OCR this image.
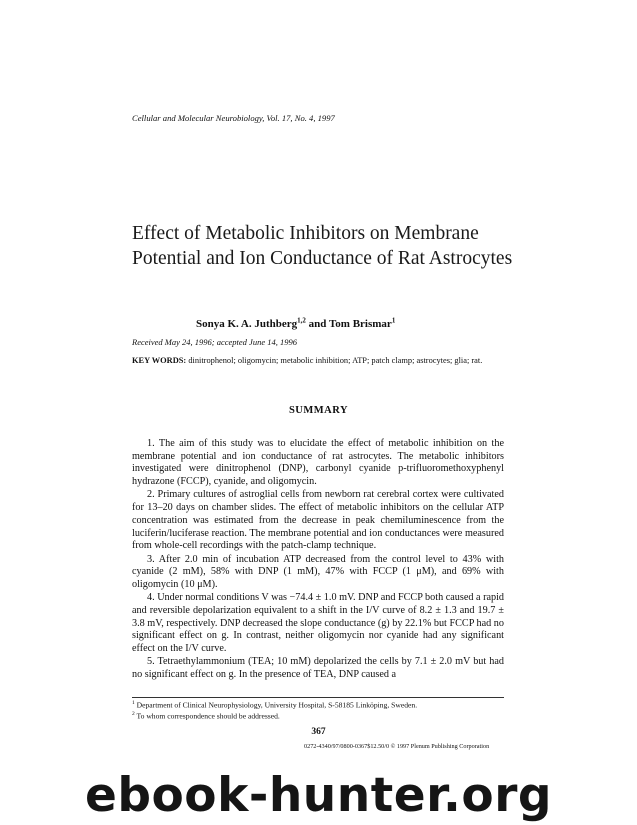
Cellular and Molecular Neurobiology, Vol. 17, No. 4, 1997
Effect of Metabolic Inhibitors on Membrane Potential and Ion Conductance of Rat Astrocytes
Sonya K. A. Juthberg$^{1,2}$ and Tom Brismar$^1$
Received May 24, 1996; accepted June 14, 1996
KEY WORDS: dinitrophenol; oligomycin; metabolic inhibition; ATP; patch clamp; astrocytes; glia; rat.
SUMMARY

1. The aim of this study was to elucidate the effect of metabolic inhibition on the membrane potential and ion conductance of rat astrocytes. The metabolic inhibitors investigated were dinitrophenol (DNP), carbonyl cyanide p-trifluoromethoxyphenyl hydrazone (FCCP), cyanide, and oligomycin.

2. Primary cultures of astroglial cells from newborn rat cerebral cortex were cultivated for 13–20 days on chamber slides. The effect of metabolic inhibitors on the cellular ATP concentration was estimated from the decrease in peak chemiluminescence from the luciferin/luciferase reaction. The membrane potential and ion conductances were measured from whole-cell recordings with the patch-clamp technique.

3. After 2.0 min of incubation ATP decreased from the control level to 43% with cyanide (2 mM), 58% with DNP (1 mM), 47% with FCCP (1 μM), and 69% with oligomycin (10 μM).

4. Under normal conditions V was −74.4 ± 1.0 mV. DNP and FCCP both caused a rapid and reversible depolarization equivalent to a shift in the I/V curve of 8.2 ± 1.3 and 19.7 ± 3.8 mV, respectively. DNP decreased the slope conductance (g) by 22.1% but FCCP had no significant effect on g. In contrast, neither oligomycin nor cyanide had any significant effect on the I/V curve.

5. Tetraethylammonium (TEA; 10 mM) depolarized the cells by 7.1 ± 2.0 mV but had no significant effect on g. In the presence of TEA, DNP caused a

$^1$ Department of Clinical Neurophysiology, University Hospital, S-58185 Linköping, Sweden.
$^2$ To whom correspondence should be addressed.
367
0272-4340/97/0800-0367$12.50/0 © 1997 Plenum Publishing Corporation
ebook-hunter.org
